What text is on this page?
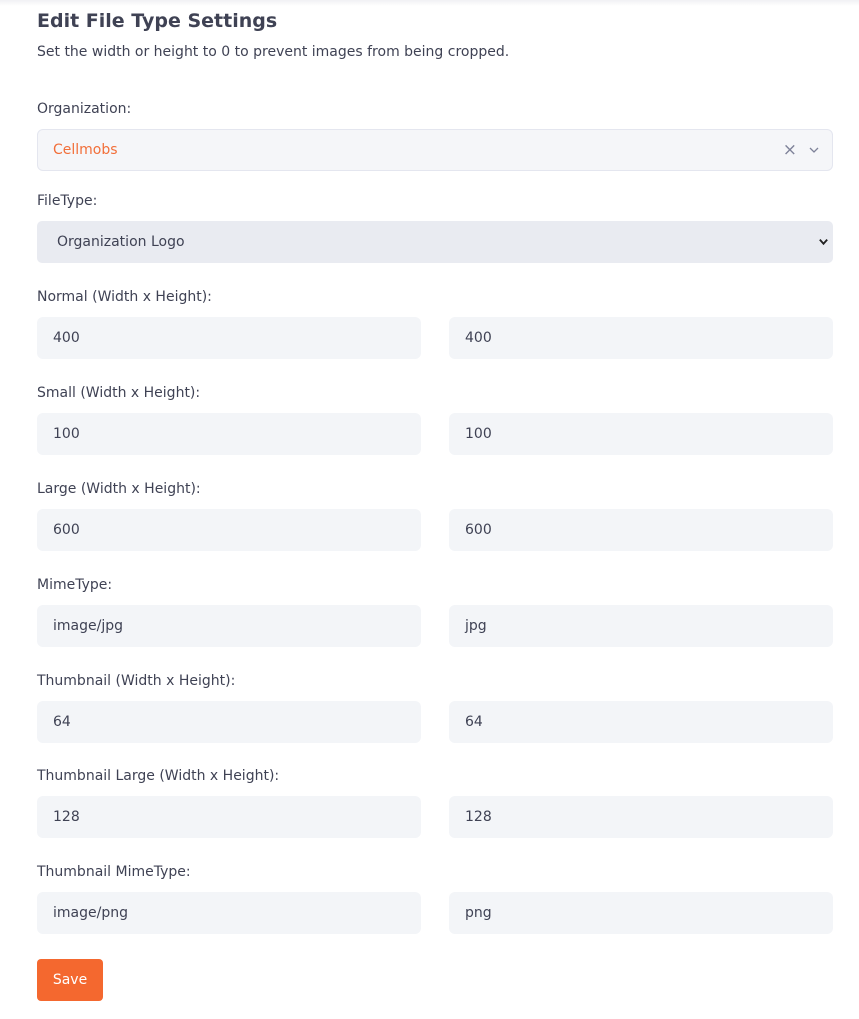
Edit File Type Settings
Set the width or height to 0 to prevent images from being cropped.
Organization:
Cellmobs	×
FileType:
Organization Logo
Normal (Width x Height):
400	400
Small (Width x Height):
100	100
Large (Width x Height):
600	600
MimeType:
image/jpg	jpg
Thumbnail (Width x Height):
64	64
Thumbnail Large (Width x Height):
128	128
Thumbnail MimeType:
image/png	png
Save
